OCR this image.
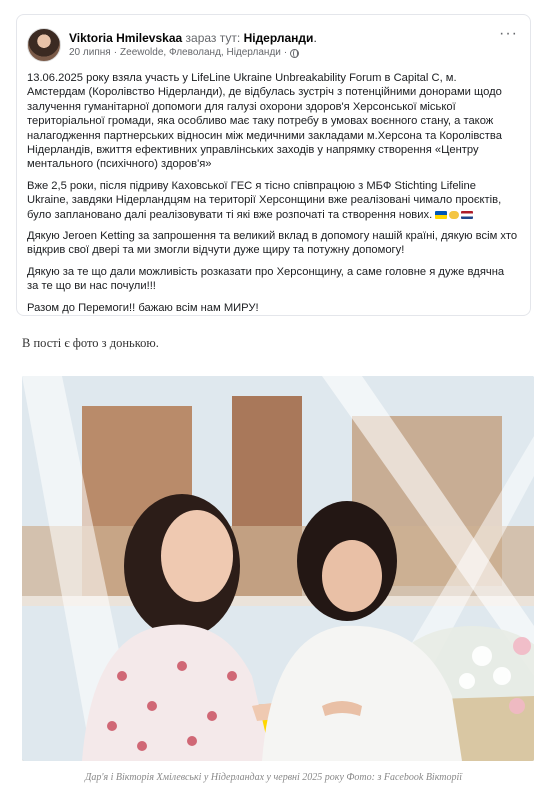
Viktoria Hmilevskaa зараз тут: Нідерланди.
20 липня · Zeewolde, Флеволанд, Нідерланди ·
···

13.06.2025 року взяла участь у LifeLine Ukraine Unbreakability Forum в Capital C, м. Амстердам (Королівство Нідерланди), де відбулась зустріч з потенційними донорами щодо залучення гуманітарної допомоги для галузі охорони здоров'я Херсонської міської територіальної громади, яка особливо має таку потребу в умовах воєнного стану, а також налагодження партнерських відносин між медичними закладами м.Херсона та Королівства Нідерландів, вжиття ефективних управлінських заходів у напрямку створення «Центру ментального (психічного) здоров'я»

Вже 2,5 роки, після підриву Каховської ГЕС я тісно співпрацюю з МБФ Stichting Lifeline Ukraine, завдяки Нідерландцям на території Херсонщини вже реалізовані чимало проєктів, було заплановано далі реалізовувати ті які вже розпочаті та створення нових.

Дякую Jeroen Ketting за запрошення та великий вклад в допомогу нашій країні, дякую всім хто відкрив свої двері та ми змогли відчути дуже щиру та потужну допомогу!

Дякую за те що дали можливість розказати про Херсонщину, а саме головне я дуже вдячна за те що ви нас почули!!!

Разом до Перемоги!! бажаю всім нам МИРУ!

В пості є фото з донькою.
Дар'я і Вікторія Хмілевські у Нідерландах у червні 2025 року Фото: з Facebook Вікторії
